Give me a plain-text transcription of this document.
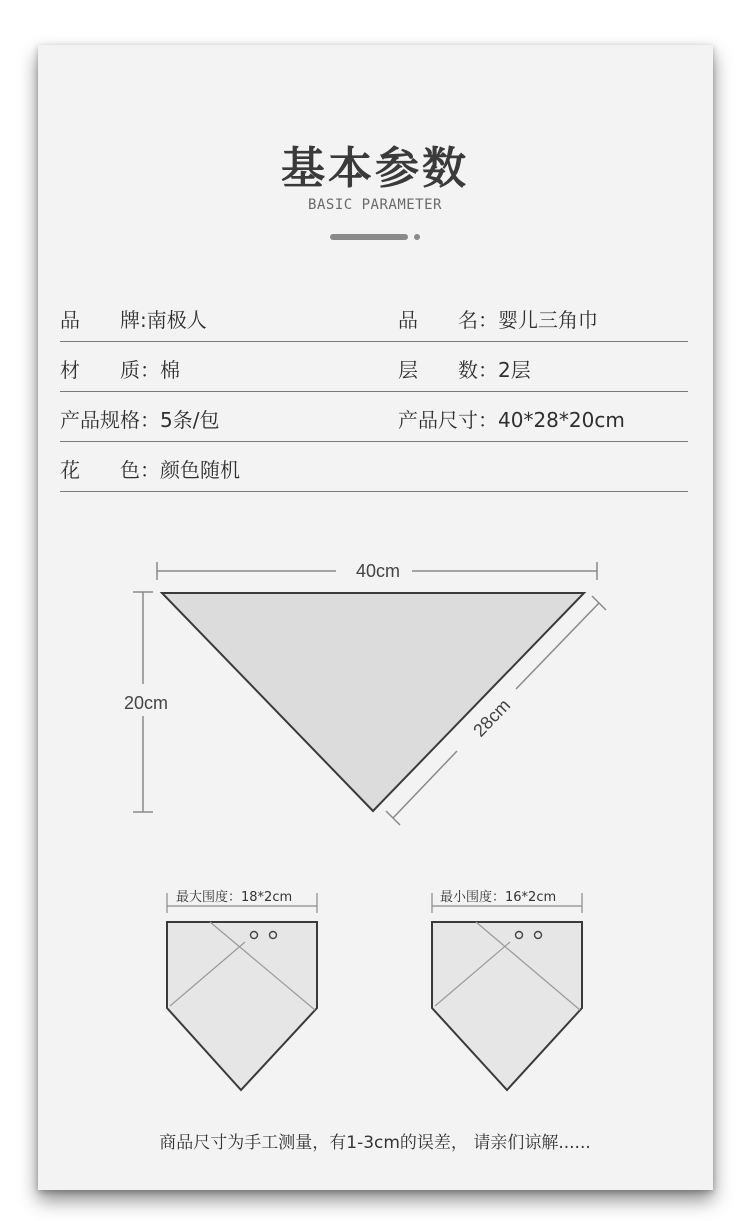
基本参数
BASIC PARAMETER
品　　牌:南极人	品　　名：婴儿三角巾
材　　质：棉	层　　数：2层
产品规格：5条/包	产品尺寸：40*28*20cm
花　　色：颜色随机
40cm
20cm	28cm
最大围度：18*2cm	最小围度：16*2cm
商品尺寸为手工测量，有1-3cm的误差， 请亲们谅解......
